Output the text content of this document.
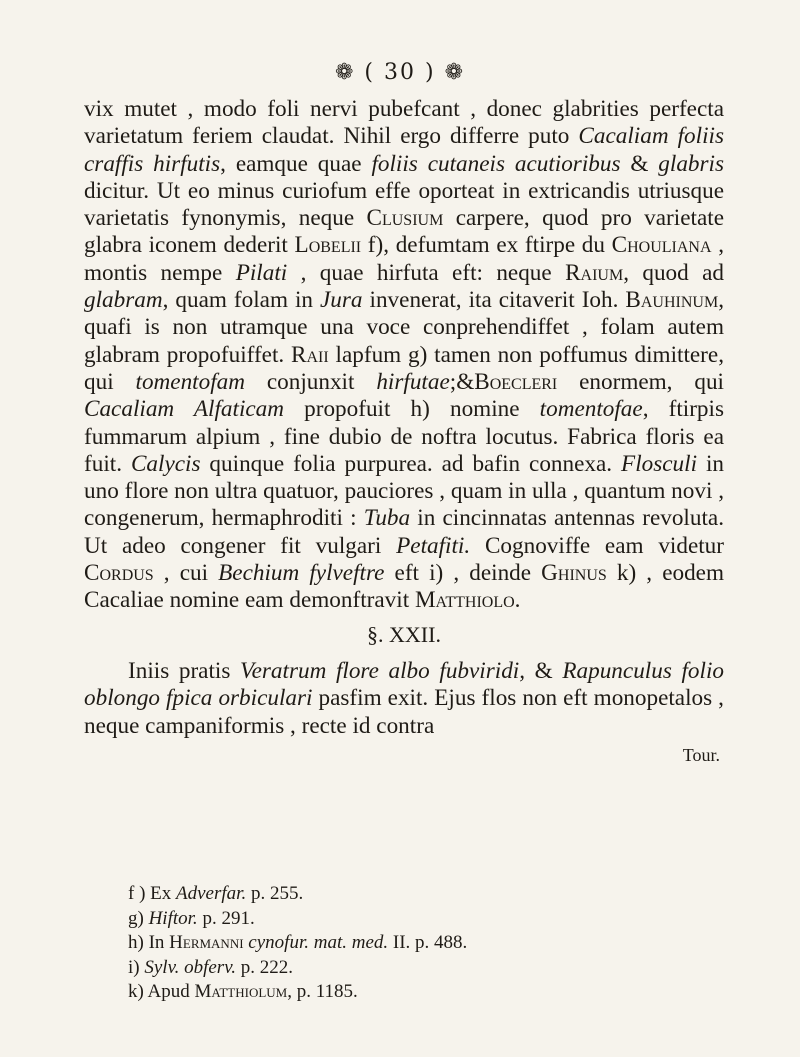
❁ ( 30 ) ❁

vix mutet , modo foli nervi pubefcant , donec glabrities perfecta varietatum feriem claudat. Nihil ergo differre puto Cacaliam foliis craffis hirfutis, eamque quae foliis cutaneis acutioribus & glabris dicitur. Ut eo minus curiofum effe oporteat in extricandis utriusque varietatis fynonymis, neque Clusium carpere, quod pro varietate glabra iconem dederit Lobelii f), defumtam ex ftirpe du Chouliana , montis nempe Pilati , quae hirfuta eft: neque Raium, quod ad glabram, quam folam in Jura invenerat, ita citaverit Ioh. Bauhinum, quafi is non utramque una voce conprehendiffet , folam autem glabram propofuiffet. Raii lapfum g) tamen non poffumus dimittere, qui tomentofam conjunxit hirfutae;&Boecleri enormem, qui Cacaliam Alfaticam propofuit h) nomine tomentofae, ftirpis fummarum alpium , fine dubio de noftra locutus. Fabrica floris ea fuit. Calycis quinque folia purpurea. ad bafin connexa. Flosculi in uno flore non ultra quatuor, pauciores , quam in ulla , quantum novi , congenerum, hermaphroditi : Tuba in cincinnatas antennas revoluta. Ut adeo congener fit vulgari Petafiti. Cognoviffe eam videtur Cordus , cui Bechium fylveftre eft i) , deinde Ghinus k) , eodem Cacaliae nomine eam demonftravit Matthiolo.

§. XXII.

Iniis pratis Veratrum flore albo fubviridi, & Rapunculus folio oblongo fpica orbiculari pasfim exit. Ejus flos non eft monopetalos , neque campaniformis , recte id contra

Tour.
f ) Ex Adverfar. p. 255.
g) Hiftor. p. 291.
h) In Hermanni cynofur. mat. med. II. p. 488.
i) Sylv. obferv. p. 222.
k) Apud Matthiolum, p. 1185.
